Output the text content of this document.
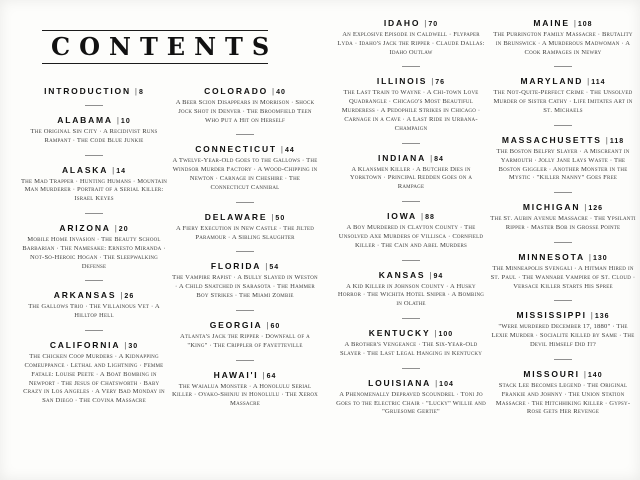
CONTENTS
INTRODUCTION | 8
ALABAMA | 10

The Original Sin City · A Recidivist Runs Rampant · The Code Blue Junkie

ALASKA | 14

The Mad Trapper · Hunting Humans · Mountain Man Murderer · Portrait of a Serial Killer: Israel Keyes

ARIZONA | 20

Mobile Home Invasion · The Beauty School Barbarian · The Namesake: Ernesto Miranda · Not-So-Heroic Hogan · The Sleepwalking Defense

ARKANSAS | 26

The Gallows Trio · The Villainous Vet · A Hilltop Hell

CALIFORNIA | 30

The Chicken Coop Murders · A Kidnapping Comeuppance · Lethal and Lightning · Femme Fatale: Louise Peete · A Boat Bombing in Newport · The Jesus of Chatsworth · Baby Crazy in Los Angeles · A Very Bad Monday in San Diego · The Covina Massacre

COLORADO | 40

A Beer Scion Disappears in Morrison · Shock Jock Shot in Denver · The Broomfield Teen Who Put a Hit on Herself

CONNECTICUT | 44

A Twelve-Year-Old Goes to the Gallows · The Windsor Murder Factory · A Wood-Chipping in Newton · Carnage in Cheshire · The Connecticut Cannibal

DELAWARE | 50

A Fiery Execution in New Castle · The Jilted Paramour · A Sibling Slaughter

FLORIDA | 54

The Vampire Rapist · A Bully Slayed in Weston · A Child Snatched in Sarasota · The Hammer Boy Strikes · The Miami Zombie

GEORGIA | 60

Atlanta's Jack the Ripper · Downfall of a "King" · The Crippler of Fayetteville

HAWAI'I | 64

The Waialua Monster · A Honolulu Serial Killer · Oyako-Shinju in Honolulu · The Xerox Massacre

IDAHO | 70

An Explosive Episode in Caldwell · Flypaper Lyda · Idaho's Jack the Ripper · Claude Dallas: Idaho Outlaw

ILLINOIS | 76

The Last Train to Wayne · A Chi-town Love Quadrangle · Chicago's Most Beautiful Murderess · A Pedophile Strikes in Chicago · Carnage in a Cave · A Last Ride in Urbana-Champaign

INDIANA | 84

A Klansmen Killer · A Butcher Dies in Yorktown · Principal Redden Goes on a Rampage

IOWA | 88

A Boy Murdered in Clayton County · The Unsolved Axe Murders of Villisca · Cornfield Killer · The Cain and Abel Murders

KANSAS | 94

A Kid Killer in Johnson County · A Husky Horror · The Wichita Hotel Sniper · A Bombing in Olathe

KENTUCKY | 100

A Brother's Vengeance · The Six-Year-Old Slayer · The Last Legal Hanging in Kentucky

LOUISIANA | 104

A Phenomenally Depraved Scoundrel · Toni Jo Goes to the Electric Chair · "Lucky" Willie and "Gruesome Gertie"

MAINE | 108

The Purrington Family Massacre · Brutality in Brunswick · A Murderous Madwoman · A Cook Rampages in Newry

MARYLAND | 114

The Not-Quite-Perfect Crime · The Unsolved Murder of Sister Cathy · Life Imitates Art in St. Michaels

MASSACHUSETTS | 118

The Boston Belfry Slayer · A Miscreant in Yarmouth · Jolly Jane Lays Waste · The Boston Giggler · Another Monster in the Mystic · "Killer Nanny" Goes Free

MICHIGAN | 126

The St. Aubin Avenue Massacre · The Ypsilanti Ripper · Master Bob in Grosse Pointe

MINNESOTA | 130

The Minneapolis Svengali · A Hitman Hired in St. Paul · The Wannabe Vampire of St. Cloud · Versace Killer Starts His Spree

MISSISSIPPI | 136

"Were murdered December 17, 1880" · The Lexie Murder · Socialite Killed by Same · The Devil Himself Did It?

MISSOURI | 140

Stack Lee Becomes Legend · The Original Frankie and Johnny · The Union Station Massacre · The Hitchhiking Killer · Gypsy-Rose Gets Her Revenge
